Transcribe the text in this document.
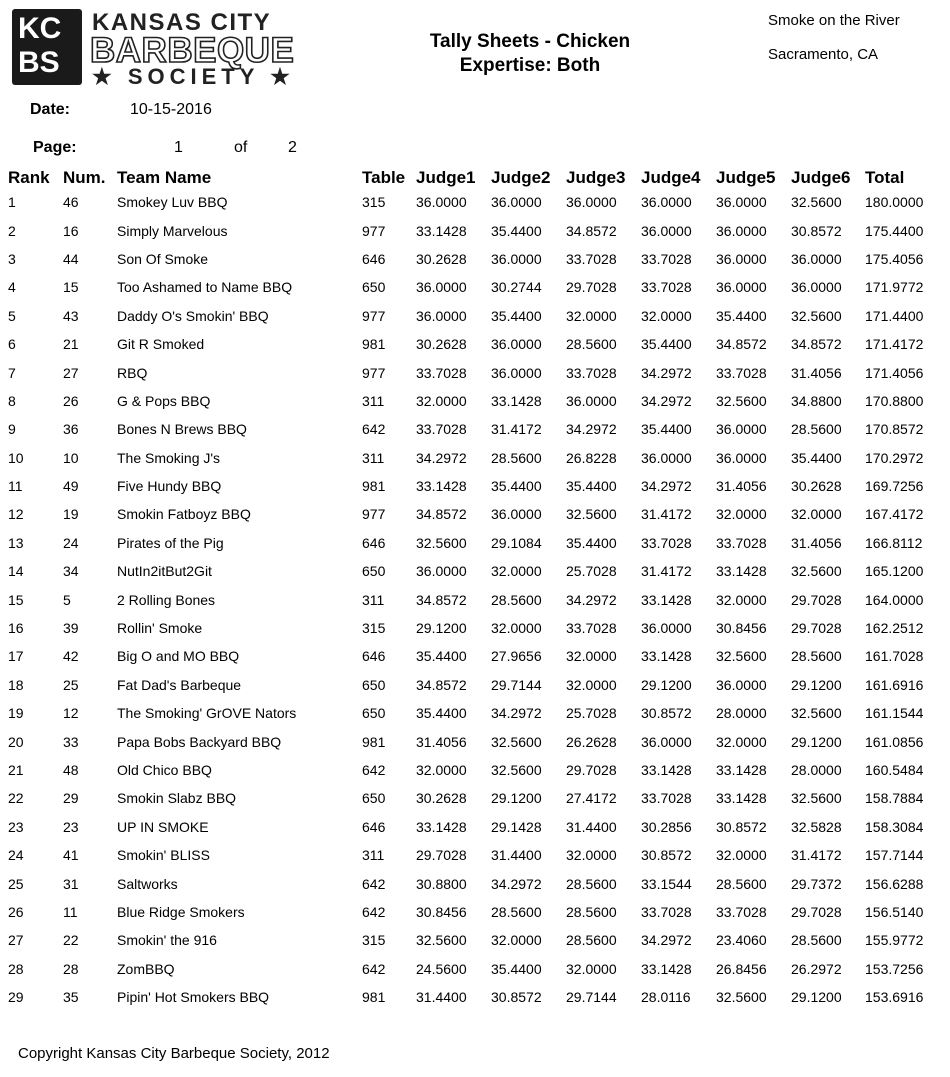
KC
BS
KANSAS CITY
BARBEQUE
★ SOCIETY ★
Tally Sheets - Chicken
Expertise: Both
Smoke on the River
Sacramento, CA
Date:	10-15-2016
Page:	1	of	2
Rank	Num.	Team Name	Table	Judge1	Judge2	Judge3	Judge4	Judge5	Judge6	Total
1	46	Smokey Luv BBQ	315	36.0000	36.0000	36.0000	36.0000	36.0000	32.5600	180.0000
2	16	Simply Marvelous	977	33.1428	35.4400	34.8572	36.0000	36.0000	30.8572	175.4400
3	44	Son Of Smoke	646	30.2628	36.0000	33.7028	33.7028	36.0000	36.0000	175.4056
4	15	Too Ashamed to Name BBQ	650	36.0000	30.2744	29.7028	33.7028	36.0000	36.0000	171.9772
5	43	Daddy O's Smokin' BBQ	977	36.0000	35.4400	32.0000	32.0000	35.4400	32.5600	171.4400
6	21	Git R Smoked	981	30.2628	36.0000	28.5600	35.4400	34.8572	34.8572	171.4172
7	27	RBQ	977	33.7028	36.0000	33.7028	34.2972	33.7028	31.4056	171.4056
8	26	G & Pops BBQ	311	32.0000	33.1428	36.0000	34.2972	32.5600	34.8800	170.8800
9	36	Bones N Brews BBQ	642	33.7028	31.4172	34.2972	35.4400	36.0000	28.5600	170.8572
10	10	The Smoking J's	311	34.2972	28.5600	26.8228	36.0000	36.0000	35.4400	170.2972
11	49	Five Hundy BBQ	981	33.1428	35.4400	35.4400	34.2972	31.4056	30.2628	169.7256
12	19	Smokin Fatboyz BBQ	977	34.8572	36.0000	32.5600	31.4172	32.0000	32.0000	167.4172
13	24	Pirates of the Pig	646	32.5600	29.1084	35.4400	33.7028	33.7028	31.4056	166.8112
14	34	NutIn2itBut2Git	650	36.0000	32.0000	25.7028	31.4172	33.1428	32.5600	165.1200
15	5	2 Rolling Bones	311	34.8572	28.5600	34.2972	33.1428	32.0000	29.7028	164.0000
16	39	Rollin' Smoke	315	29.1200	32.0000	33.7028	36.0000	30.8456	29.7028	162.2512
17	42	Big O and MO BBQ	646	35.4400	27.9656	32.0000	33.1428	32.5600	28.5600	161.7028
18	25	Fat Dad's Barbeque	650	34.8572	29.7144	32.0000	29.1200	36.0000	29.1200	161.6916
19	12	The Smoking' GrOVE Nators	650	35.4400	34.2972	25.7028	30.8572	28.0000	32.5600	161.1544
20	33	Papa Bobs Backyard BBQ	981	31.4056	32.5600	26.2628	36.0000	32.0000	29.1200	161.0856
21	48	Old Chico BBQ	642	32.0000	32.5600	29.7028	33.1428	33.1428	28.0000	160.5484
22	29	Smokin Slabz BBQ	650	30.2628	29.1200	27.4172	33.7028	33.1428	32.5600	158.7884
23	23	UP IN SMOKE	646	33.1428	29.1428	31.4400	30.2856	30.8572	32.5828	158.3084
24	41	Smokin' BLISS	311	29.7028	31.4400	32.0000	30.8572	32.0000	31.4172	157.7144
25	31	Saltworks	642	30.8800	34.2972	28.5600	33.1544	28.5600	29.7372	156.6288
26	11	Blue Ridge Smokers	642	30.8456	28.5600	28.5600	33.7028	33.7028	29.7028	156.5140
27	22	Smokin' the 916	315	32.5600	32.0000	28.5600	34.2972	23.4060	28.5600	155.9772
28	28	ZomBBQ	642	24.5600	35.4400	32.0000	33.1428	26.8456	26.2972	153.7256
29	35	Pipin' Hot Smokers BBQ	981	31.4400	30.8572	29.7144	28.0116	32.5600	29.1200	153.6916
Copyright Kansas City Barbeque Society, 2012
